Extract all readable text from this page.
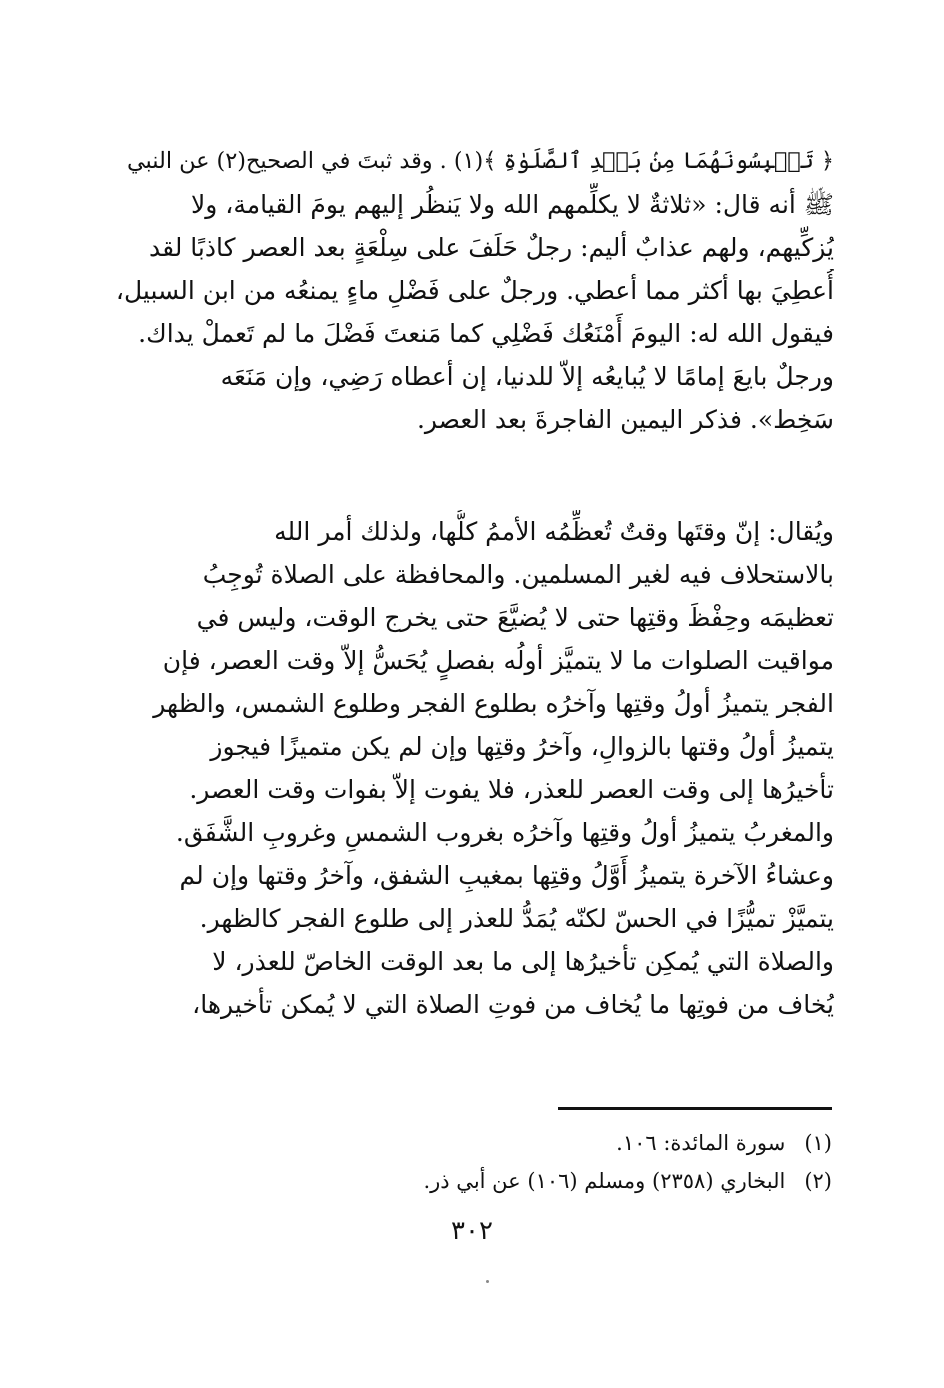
﴿ تَحۡبِسُونَهُمَا مِنۢ بَعۡدِ ٱلصَّلَوٰةِ ﴾(١) . وقد ثبتَ في الصحيح(٢) عن النبي
ﷺ أنه قال: «ثلاثةٌ لا يكلِّمهم الله ولا يَنظُر إليهم يومَ القيامة، ولا
يُزكِّيهم، ولهم عذابٌ أليم: رجلٌ حَلَفَ على سِلْعَةٍ بعد العصر كاذبًا لقد
أُعطِيَ بها أكثر مما أعطي. ورجلٌ على فَضْلِ ماءٍ يمنعُه من ابن السبيل،
فيقول الله له: اليومَ أَمْنَعُك فَضْلِي كما مَنعتَ فَضْلَ ما لم تَعملْ يداك.
ورجلٌ بايعَ إمامًا لا يُبايعُه إلاّ للدنيا، إن أعطاه رَضِي، وإن مَنَعَه
سَخِط». فذكر اليمين الفاجرةَ بعد العصر.
ويُقال: إنّ وقتَها وقتٌ تُعظِّمُه الأممُ كلُّها، ولذلك أمر الله
بالاستحلاف فيه لغير المسلمين. والمحافظة على الصلاة تُوجِبُ
تعظيمَه وحِفْظَ وقتِها حتى لا يُضيَّعَ حتى يخرج الوقت، وليس في
مواقيت الصلوات ما لا يتميَّز أولُه بفصلٍ يُحَسُّ إلاّ وقت العصر، فإن
الفجر يتميزُ أولُ وقتِها وآخرُه بطلوع الفجر وطلوع الشمس، والظهر
يتميزُ أولُ وقتها بالزوالِ، وآخرُ وقتِها وإن لم يكن متميزًا فيجوز
تأخيرُها إلى وقت العصر للعذر، فلا يفوت إلاّ بفوات وقت العصر.
والمغربُ يتميزُ أولُ وقتِها وآخرُه بغروب الشمسِ وغروبِ الشَّفَق.
وعشاءُ الآخرة يتميزُ أَوَّلُ وقتِها بمغيبِ الشفق، وآخرُ وقتها وإن لم
يتميَّزْ تميُّزًا في الحسّ لكنّه يُمَدُّ للعذر إلى طلوع الفجر كالظهر.
والصلاة التي يُمكِن تأخيرُها إلى ما بعد الوقت الخاصّ للعذر، لا
يُخاف من فوتِها ما يُخاف من فوتِ الصلاة التي لا يُمكن تأخيرها،
(١) سورة المائدة: ١٠٦.
(٢) البخاري (٢٣٥٨) ومسلم (١٠٦) عن أبي ذر.
٣٠٢
